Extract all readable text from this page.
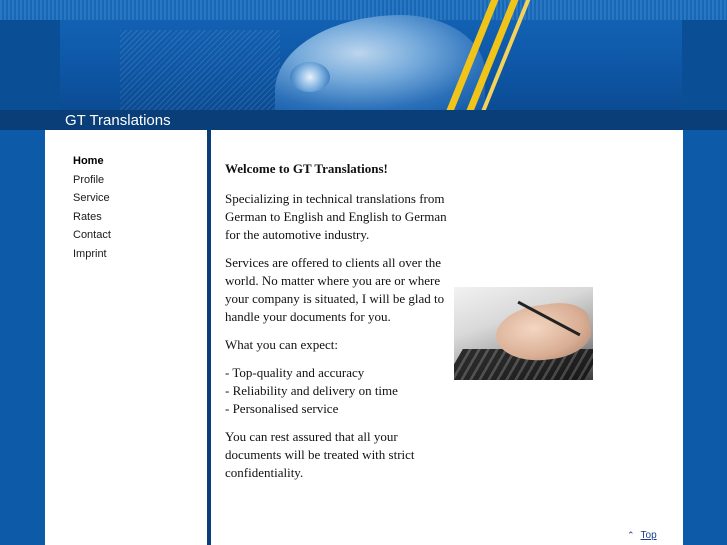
GT Translations
Home
Profile
Service
Rates
Contact
Imprint
Welcome to GT Translations!

Specializing in technical translations from German to English and English to German for the automotive industry.

Services are offered to clients all over the world. No matter where you are or where your company is situated, I will be glad to handle your documents for you.

What you can expect:

- Top-quality and accuracy
- Reliability and delivery on time
- Personalised service

You can rest assured that all your documents will be treated with strict confidentiality.

⌃ Top
